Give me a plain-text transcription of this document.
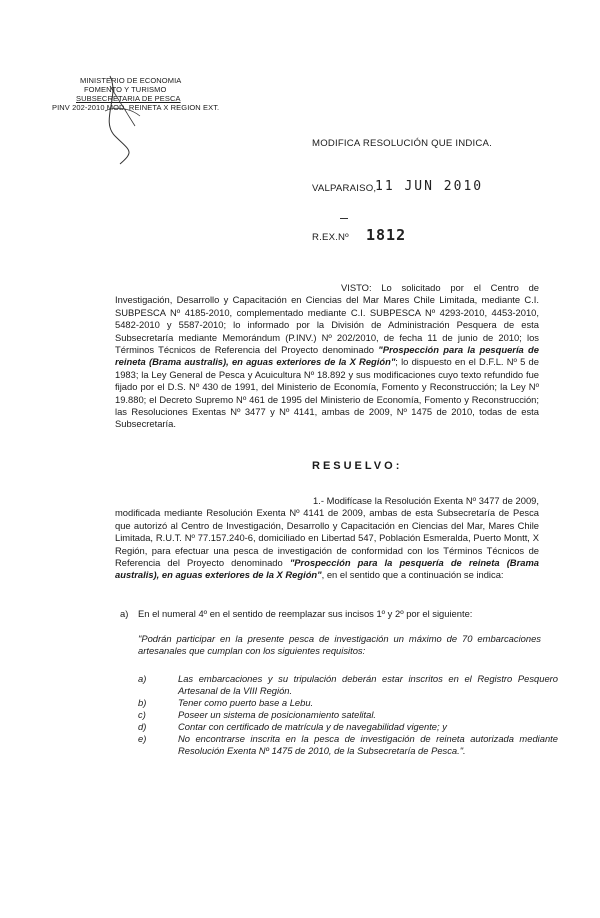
MINISTERIO DE ECONOMIA
FOMENTO Y TURISMO
SUBSECRETARIA DE PESCA
PINV 202-2010 MOD. REINETA X REGION EXT.
MODIFICA RESOLUCIÓN QUE INDICA.
VALPARAISO,
11 JUN 2010
R.EX.Nº 1812
VISTO: Lo solicitado por el Centro de Investigación, Desarrollo y Capacitación en Ciencias del Mar Mares Chile Limitada, mediante C.I. SUBPESCA Nº 4185-2010, complementado mediante C.I. SUBPESCA Nº 4293-2010, 4453-2010, 5482-2010 y 5587-2010; lo informado por la División de Administración Pesquera de esta Subsecretaría mediante Memorándum (P.INV.) Nº 202/2010, de fecha 11 de junio de 2010; los Términos Técnicos de Referencia del Proyecto denominado "Prospección para la pesquería de reineta (Brama australis), en aguas exteriores de la X Región"; lo dispuesto en el D.F.L. Nº 5 de 1983; la Ley General de Pesca y Acuicultura Nº 18.892 y sus modificaciones cuyo texto refundido fue fijado por el D.S. Nº 430 de 1991, del Ministerio de Economía, Fomento y Reconstrucción; la Ley Nº 19.880; el Decreto Supremo Nº 461 de 1995 del Ministerio de Economía, Fomento y Reconstrucción; las Resoluciones Exentas Nº 3477 y Nº 4141, ambas de 2009, Nº 1475 de 2010, todas de esta Subsecretaría.
RESUELVO:
1.- Modifícase la Resolución Exenta Nº 3477 de 2009, modificada mediante Resolución Exenta Nº 4141 de 2009, ambas de esta Subsecretaría de Pesca que autorizó al Centro de Investigación, Desarrollo y Capacitación en Ciencias del Mar, Mares Chile Limitada, R.U.T. Nº 77.157.240-6, domiciliado en Libertad 547, Población Esmeralda, Puerto Montt, X Región, para efectuar una pesca de investigación de conformidad con los Términos Técnicos de Referencia del Proyecto denominado "Prospección para la pesquería de reineta (Brama australis), en aguas exteriores de la X Región", en el sentido que a continuación se indica:
a) En el numeral 4º en el sentido de reemplazar sus incisos 1º y 2º por el siguiente:
"Podrán participar en la presente pesca de investigación un máximo de 70 embarcaciones artesanales que cumplan con los siguientes requisitos:
a)	Las embarcaciones y su tripulación deberán estar inscritos en el Registro Pesquero Artesanal de la VIII Región.
b)	Tener como puerto base a Lebu.
c)	Poseer un sistema de posicionamiento satelital.
d)	Contar con certificado de matrícula y de navegabilidad vigente; y
e)	No encontrarse inscrita en la pesca de investigación de reineta autorizada mediante Resolución Exenta Nº 1475 de 2010, de la Subsecretaría de Pesca.".
